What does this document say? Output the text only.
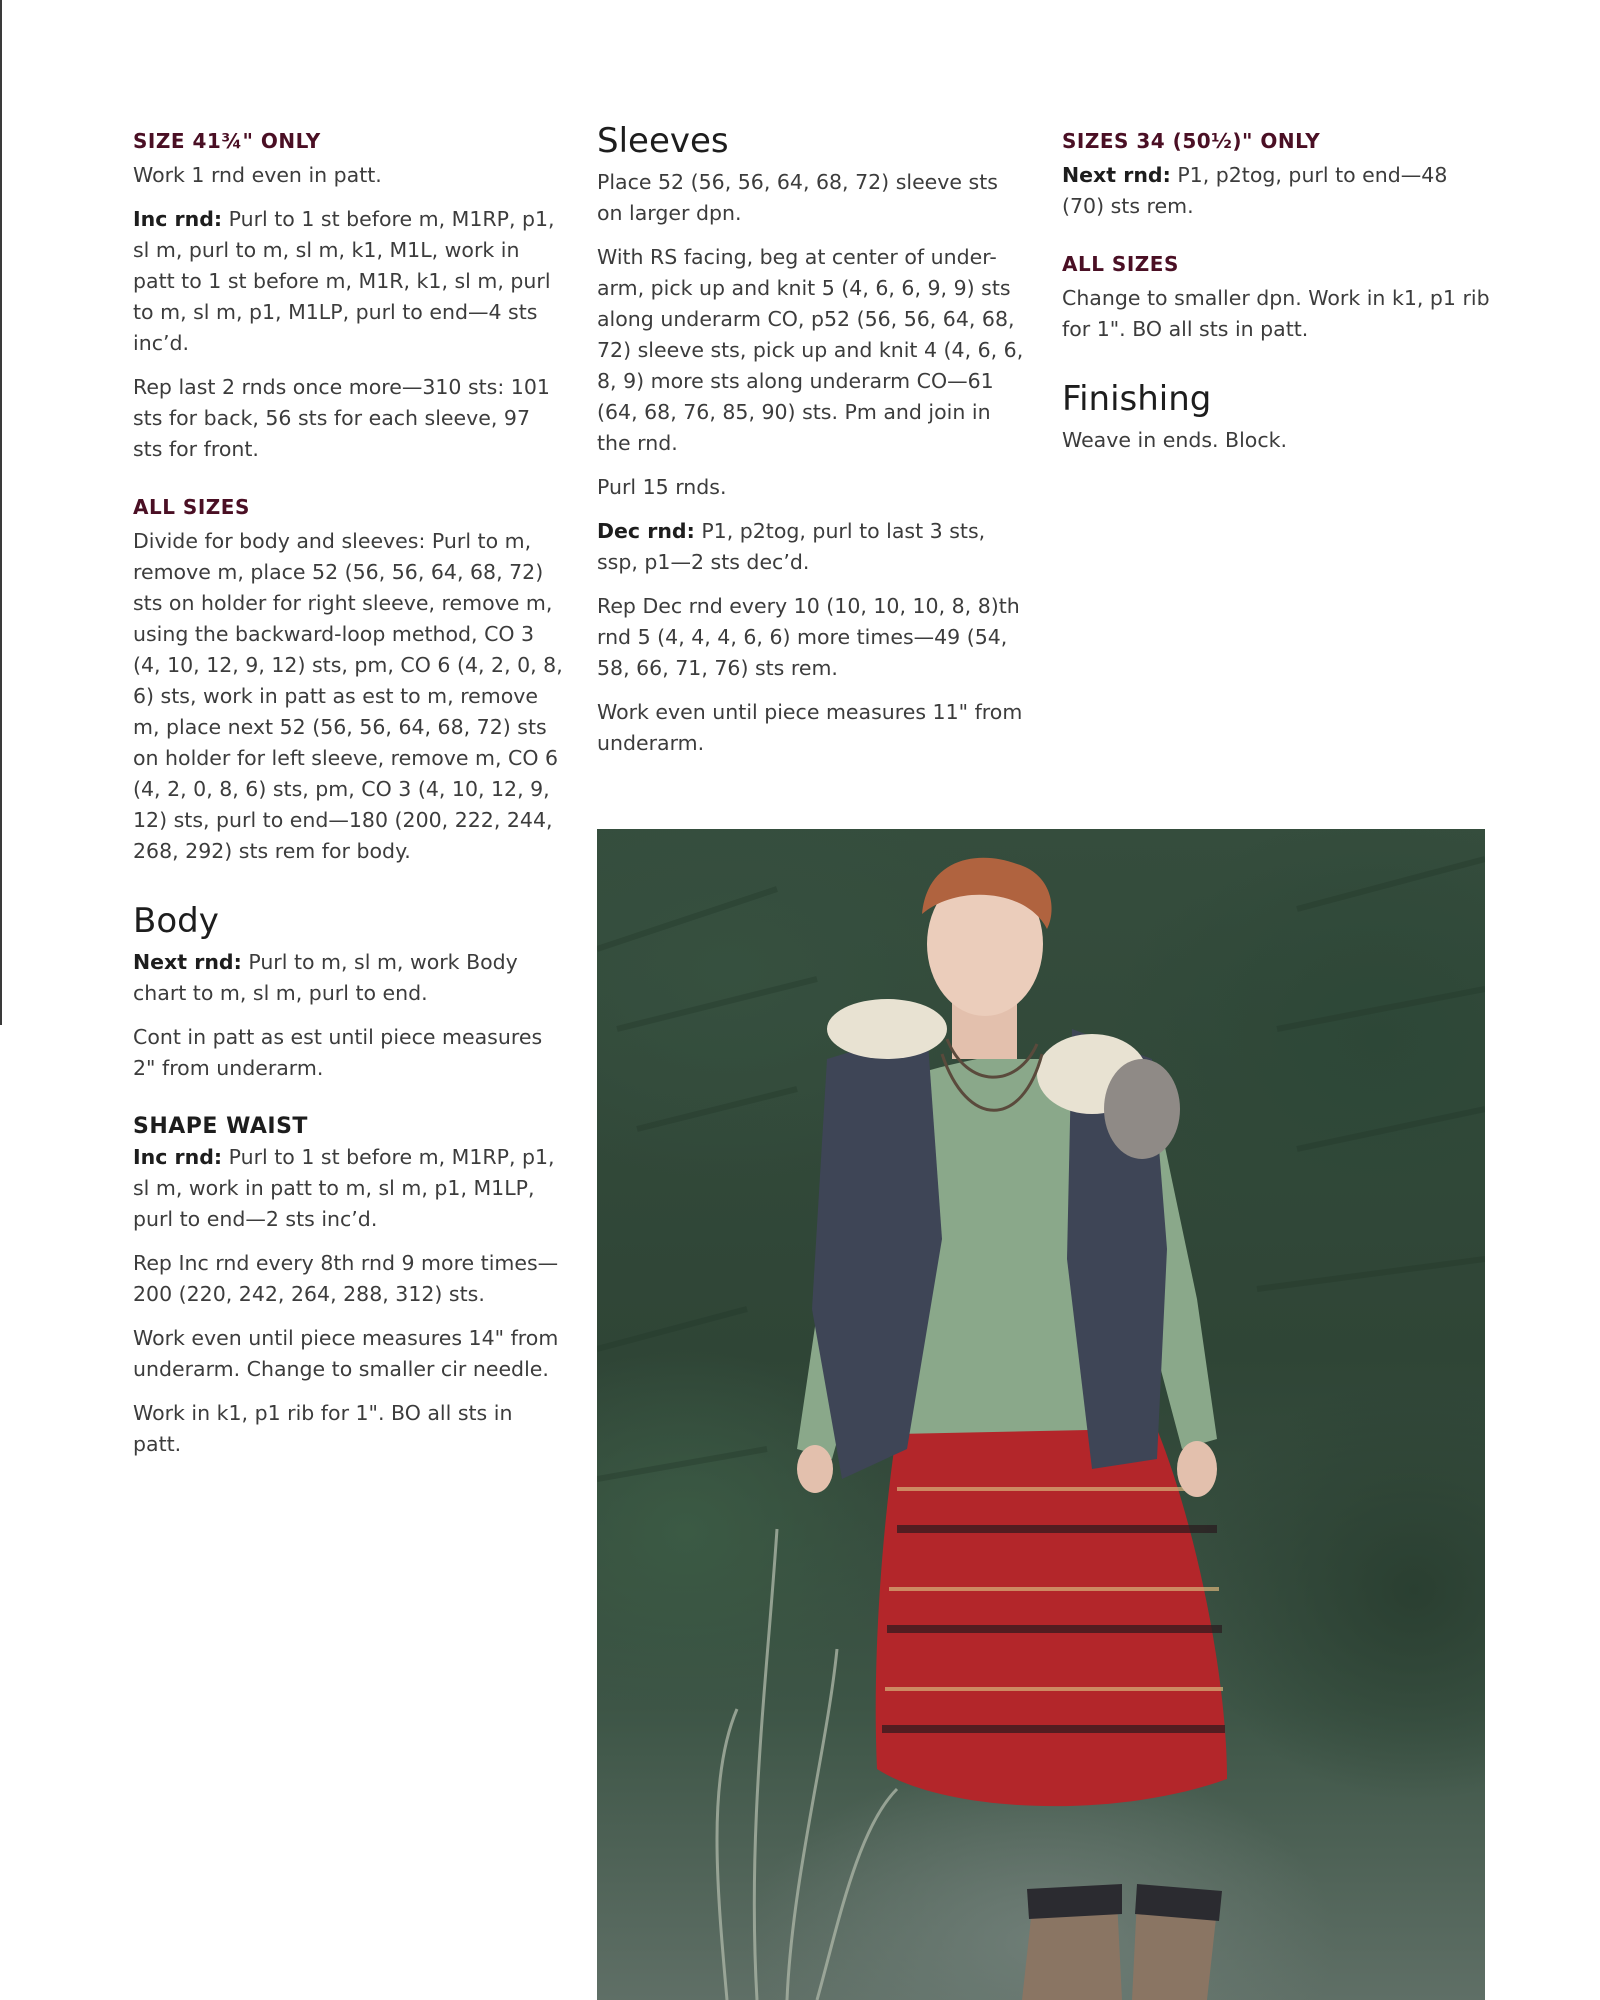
SIZE 41¾" ONLY

Work 1 rnd even in patt.

Inc rnd: Purl to 1 st before m, M1RP, p1, sl m, purl to m, sl m, k1, M1L, work in patt to 1 st before m, M1R, k1, sl m, purl to m, sl m, p1, M1LP, purl to end—4 sts inc’d.

Rep last 2 rnds once more—310 sts: 101 sts for back, 56 sts for each sleeve, 97 sts for front.

ALL SIZES

Divide for body and sleeves: Purl to m, remove m, place 52 (56, 56, 64, 68, 72) sts on holder for right sleeve, remove m, using the backward-loop method, CO 3 (4, 10, 12, 9, 12) sts, pm, CO 6 (4, 2, 0, 8, 6) sts, work in patt as est to m, remove m, place next 52 (56, 56, 64, 68, 72) sts on holder for left sleeve, remove m, CO 6 (4, 2, 0, 8, 6) sts, pm, CO 3 (4, 10, 12, 9, 12) sts, purl to end—180 (200, 222, 244, 268, 292) sts rem for body.

Body

Next rnd: Purl to m, sl m, work Body chart to m, sl m, purl to end.

Cont in patt as est until piece measures 2" from underarm.

SHAPE WAIST

Inc rnd: Purl to 1 st before m, M1RP, p1, sl m, work in patt to m, sl m, p1, M1LP, purl to end—2 sts inc’d.

Rep Inc rnd every 8th rnd 9 more times—200 (220, 242, 264, 288, 312) sts.

Work even until piece measures 14" from underarm. Change to smaller cir needle.

Work in k1, p1 rib for 1". BO all sts in patt.

Sleeves

Place 52 (56, 56, 64, 68, 72) sleeve sts on larger dpn.

With RS facing, beg at center of under-arm, pick up and knit 5 (4, 6, 6, 9, 9) sts along underarm CO, p52 (56, 56, 64, 68, 72) sleeve sts, pick up and knit 4 (4, 6, 6, 8, 9) more sts along underarm CO—61 (64, 68, 76, 85, 90) sts. Pm and join in the rnd.

Purl 15 rnds.

Dec rnd: P1, p2tog, purl to last 3 sts, ssp, p1—2 sts dec’d.

Rep Dec rnd every 10 (10, 10, 10, 8, 8)th rnd 5 (4, 4, 4, 6, 6) more times—49 (54, 58, 66, 71, 76) sts rem.

Work even until piece measures 11" from underarm.

SIZES 34 (50½)" ONLY

Next rnd: P1, p2tog, purl to end—48 (70) sts rem.

ALL SIZES

Change to smaller dpn. Work in k1, p1 rib for 1". BO all sts in patt.

Finishing

Weave in ends. Block.
